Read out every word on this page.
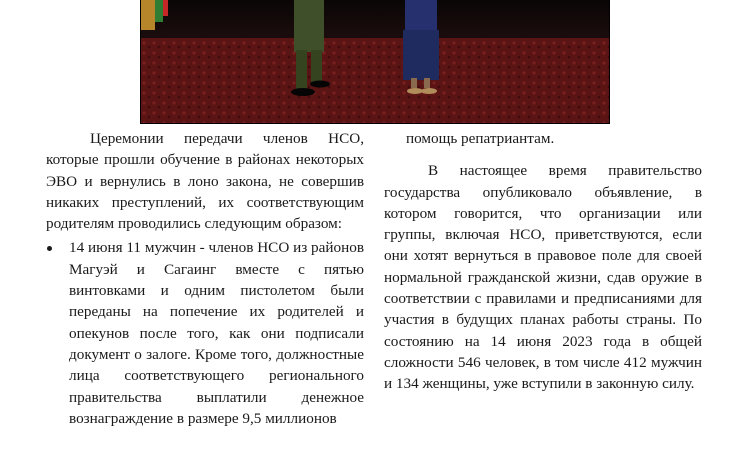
Церемонии передачи членов НСО, которые прошли обучение в районах некоторых ЭВО и вернулись в лоно закона, не совершив никаких преступлений, их соответствующим родителям проводились следующим образом:

14 июня 11 мужчин - членов НСО из районов Магуэй и Сагаинг вместе с пятью винтовками и одним пистолетом были переданы на попечение их родителей и опекунов после того, как они подписали документ о залоге. Кроме того, должностные лица соответствующего регионального правительства выплатили денежное вознаграждение в размере 9,5 миллионов

помощь репатриантам.

В настоящее время правительство государства опубликовало объявление, в котором говорится, что организации или группы, включая НСО, приветствуются, если они хотят вернуться в правовое поле для своей нормальной гражданской жизни, сдав оружие в соответствии с правилами и предписаниями для участия в будущих планах работы страны. По состоянию на 14 июня 2023 года в общей сложности 546 человек, в том числе 412 мужчин и 134 женщины, уже вступили в законную силу.
